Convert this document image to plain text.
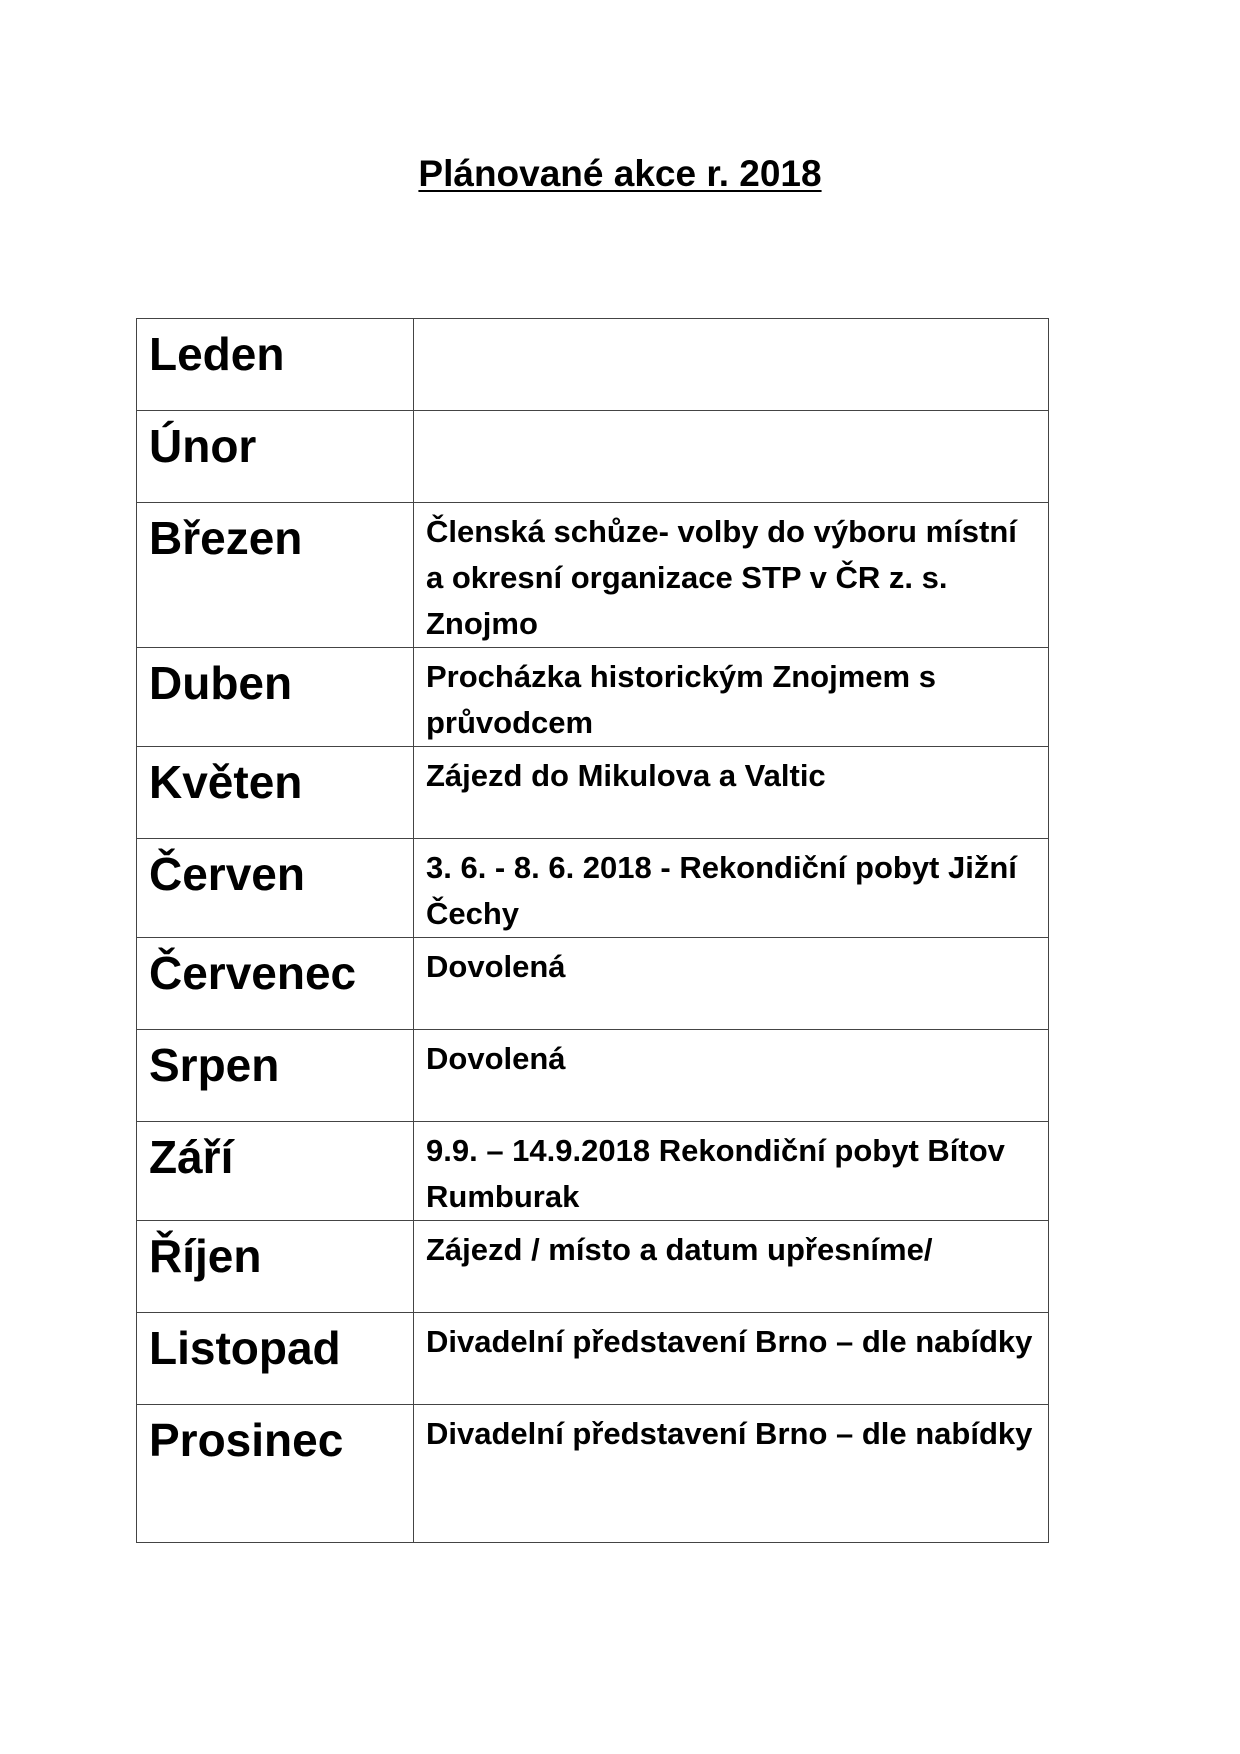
Plánované akce r. 2018
Leden	

Únor	

Březen	Členská schůze- volby do výboru místní a okresní organizace STP v ČR z. s. Znojmo

Duben	Procházka historickým Znojmem s průvodcem

Květen	Zájezd do Mikulova a Valtic

Červen	3. 6. - 8. 6. 2018 - Rekondiční pobyt Jižní Čechy

Červenec	Dovolená

Srpen	Dovolená

Září	9.9. – 14.9.2018 Rekondiční pobyt Bítov Rumburak

Říjen	Zájezd / místo a datum upřesníme/

Listopad	Divadelní představení Brno – dle nabídky

Prosinec	Divadelní představení Brno – dle nabídky
